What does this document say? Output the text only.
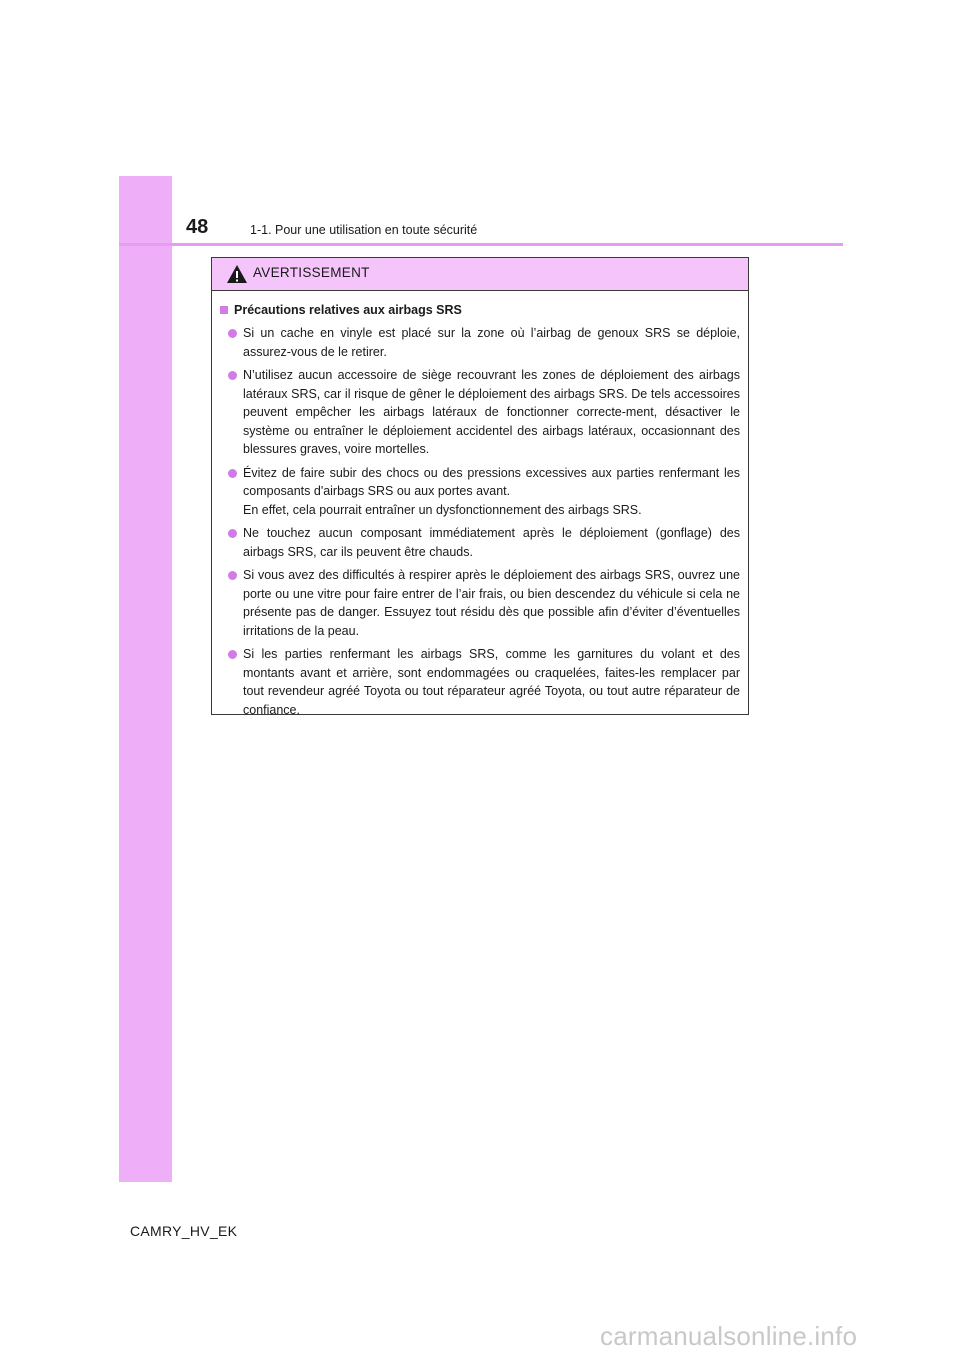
48	1-1. Pour une utilisation en toute sécurité
AVERTISSEMENT
Précautions relatives aux airbags SRS
Si un cache en vinyle est placé sur la zone où l’airbag de genoux SRS se déploie, assurez-vous de le retirer.
N’utilisez aucun accessoire de siège recouvrant les zones de déploiement des airbags latéraux SRS, car il risque de gêner le déploiement des airbags SRS. De tels accessoires peuvent empêcher les airbags latéraux de fonctionner correcte-ment, désactiver le système ou entraîner le déploiement accidentel des airbags latéraux, occasionnant des blessures graves, voire mortelles.
Évitez de faire subir des chocs ou des pressions excessives aux parties renfermant les composants d'airbags SRS ou aux portes avant.
En effet, cela pourrait entraîner un dysfonctionnement des airbags SRS.
Ne touchez aucun composant immédiatement après le déploiement (gonflage) des airbags SRS, car ils peuvent être chauds.
Si vous avez des difficultés à respirer après le déploiement des airbags SRS, ouvrez une porte ou une vitre pour faire entrer de l’air frais, ou bien descendez du véhicule si cela ne présente pas de danger. Essuyez tout résidu dès que possible afin d’éviter d’éventuelles irritations de la peau.
Si les parties renfermant les airbags SRS, comme les garnitures du volant et des montants avant et arrière, sont endommagées ou craquelées, faites-les remplacer par tout revendeur agréé Toyota ou tout réparateur agréé Toyota, ou tout autre réparateur de confiance.
CAMRY_HV_EK
carmanualsonline.info
